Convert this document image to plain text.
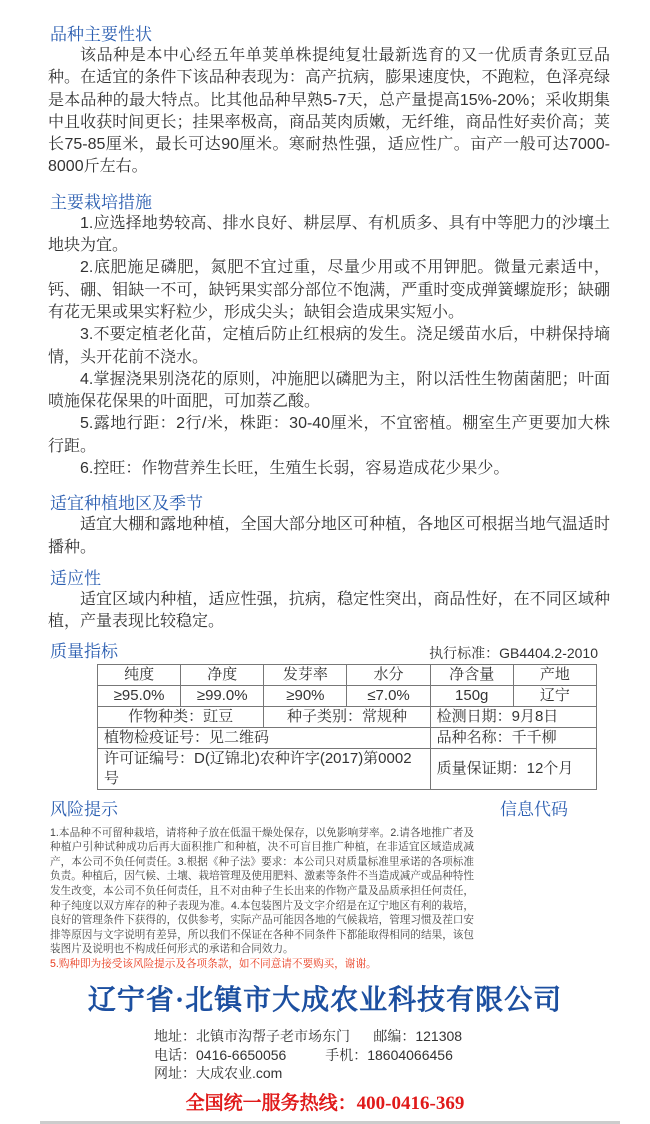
品种主要性状

该品种是本中心经五年单荚单株提纯复壮最新选育的又一优质青条豇豆品种。在适宜的条件下该品种表现为：高产抗病，膨果速度快，不跑粒，色泽亮绿是本品种的最大特点。比其他品种早熟5-7天，总产量提高15%-20%；采收期集中且收获时间更长；挂果率极高，商品荚肉质嫩，无纤维，商品性好卖价高；荚长75-85厘米，最长可达90厘米。寒耐热性强，适应性广。亩产一般可达7000-8000斤左右。

主要栽培措施

1.应选择地势较高、排水良好、耕层厚、有机质多、具有中等肥力的沙壤土地块为宜。

2.底肥施足磷肥，氮肥不宜过重，尽量少用或不用钾肥。微量元素适中，钙、硼、钼缺一不可，缺钙果实部分部位不饱满，严重时变成弹簧螺旋形；缺硼有花无果或果实籽粒少，形成尖头；缺钼会造成果实短小。

3.不要定植老化苗，定植后防止红根病的发生。浇足缓苗水后，中耕保持墒情，头开花前不浇水。

4.掌握浇果别浇花的原则，冲施肥以磷肥为主，附以活性生物菌菌肥；叶面喷施保花保果的叶面肥，可加萘乙酸。

5.露地行距：2行/米，株距：30-40厘米，不宜密植。棚室生产更要加大株行距。

6.控旺：作物营养生长旺，生殖生长弱，容易造成花少果少。

适宜种植地区及季节

适宜大棚和露地种植，全国大部分地区可种植，各地区可根据当地气温适时播种。

适应性

适宜区域内种植，适应性强，抗病，稳定性突出，商品性好，在不同区域种植，产量表现比较稳定。

质量指标	执行标准：GB4404.2-2010
纯度	净度	发芽率	水分	净含量	产地
≥95.0%	≥99.0%	≥90%	≤7.0%	150g	辽宁
作物种类：豇豆		种子类别：常规种		检测日期：9月8日	
植物检疫证号：见二维码				品种名称：千千柳	
许可证编号：D(辽锦北)农种许字(2017)第0002号				质量保证期：12个月	
风险提示	信息代码
1.本品种不可留种栽培，请将种子放在低温干燥处保存，以免影响芽率。2.请各地推广者及种植户引种试种成功后再大面积推广和种植，决不可盲目推广种植，在非适宜区域造成减产，本公司不负任何责任。3.根据《种子法》要求：本公司只对质量标准里承诺的各项标准负责。种植后，因气候、土壤、栽培管理及使用肥料、激素等条件不当造成减产或品种特性发生改变，本公司不负任何责任，且不对由种子生长出来的作物产量及品质承担任何责任，种子纯度以双方库存的种子表现为准。4.本包装图片及文字介绍是在辽宁地区有利的栽培，良好的管理条件下获得的，仅供参考，实际产品可能因各地的气候栽培，管理习惯及茬口安排等原因与文字说明有差异，所以我们不保证在各种不同条件下都能取得相同的结果，该包装图片及说明也不构成任何形式的承诺和合同效力。
5.购种即为接受该风险提示及各项条款，如不同意请不要购买，谢谢。
辽宁省·北镇市大成农业科技有限公司
地址：北镇市沟帮子老市场东门      邮编：121308
电话：0416-6650056          手机：18604066456
网址：大成农业.com
全国统一服务热线：400-0416-369
